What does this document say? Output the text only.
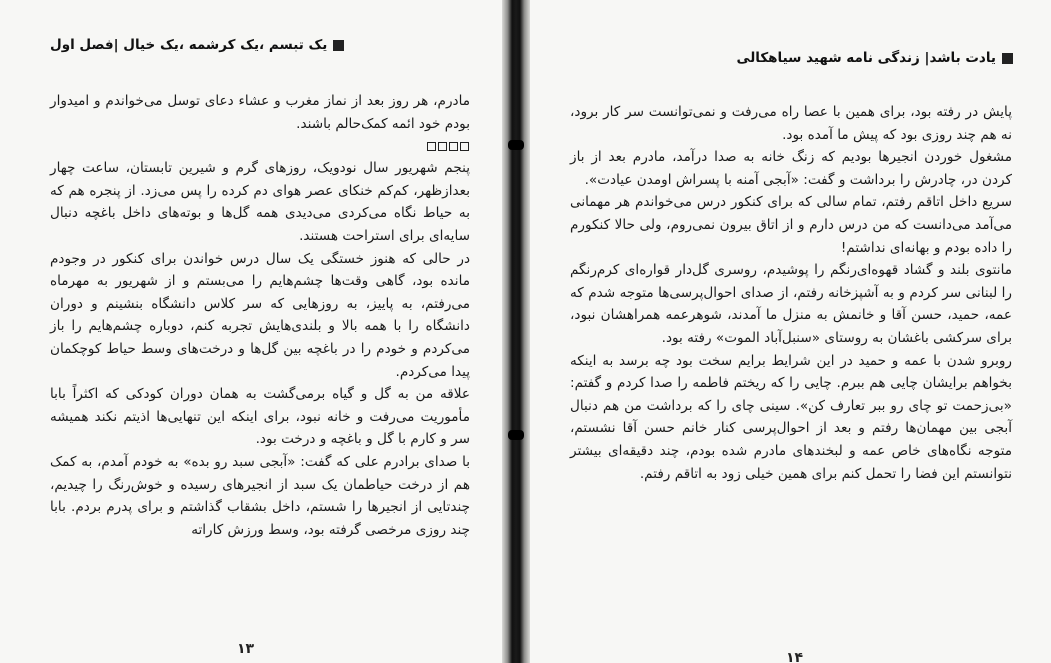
یک تبسم ،یک کرشمه ،یک خیال |فصل اول

مادرم، هر روز بعد از نماز مغرب و عشاء دعای توسل می‌خواندم و امیدوار بودم خود ائمه کمک‌حالم باشند.

پنجم شهریور سال نودویک، روزهای گرم و شیرین تابستان، ساعت چهار بعدازظهر، کم‌کم خنکای عصر هوای دم کرده را پس می‌زد. از پنجره هم که به حیاط نگاه می‌کردی می‌دیدی همه گل‌ها و بوته‌های داخل باغچه دنبال سایه‌ای برای استراحت هستند.

در حالی که هنوز خستگی یک سال درس خواندن برای کنکور در وجودم مانده بود، گاهی وقت‌ها چشم‌هایم را می‌بستم و از شهریور به مهرماه می‌رفتم، به پاییز، به روزهایی که سر کلاس دانشگاه بنشینم و دوران دانشگاه را با همه بالا و بلندی‌هایش تجربه کنم، دوباره چشم‌هایم را باز می‌کردم و خودم را در باغچه بین گل‌ها و درخت‌های وسط حیاط کوچکمان پیدا می‌کردم.

علاقه من به گل و گیاه برمی‌گشت به همان دوران کودکی که اکثراً بابا مأموریت می‌رفت و خانه نبود، برای اینکه این تنهایی‌ها اذیتم نکند همیشه سر و کارم با گل و باغچه و درخت بود.

با صدای برادرم علی که گفت: «آبجی سبد رو بده» به خودم آمدم، به کمک هم از درخت حیاطمان یک سبد از انجیرهای رسیده و خوش‌رنگ را چیدیم، چندتایی از انجیرها را شستم، داخل بشقاب گذاشتم و برای پدرم بردم. بابا چند روزی مرخصی گرفته بود، وسط ورزش کاراته

۱۳
یادت باشد| زندگی نامه شهید سیاهکالی

پایش در رفته بود، برای همین با عصا راه می‌رفت و نمی‌توانست سر کار برود، نه هم چند روزی بود که پیش ما آمده بود.

مشغول خوردن انجیرها بودیم که زنگ خانه به صدا درآمد، مادرم بعد از باز کردن در، چادرش را برداشت و گفت: «آبجی آمنه با پسراش اومدن عیادت».

سریع داخل اتاقم رفتم، تمام سالی که برای کنکور درس می‌خواندم هر مهمانی می‌آمد می‌دانست که من درس دارم و از اتاق بیرون نمی‌روم، ولی حالا کنکورم را داده بودم و بهانه‌ای نداشتم!

مانتوی بلند و گشاد قهوه‌ای‌رنگم را پوشیدم، روسری گل‌دار قواره‌ای کرم‌رنگم را لبنانی سر کردم و به آشپزخانه رفتم، از صدای احوال‌پرسی‌ها متوجه شدم که عمه، حمید، حسن آقا و خانمش به منزل ما آمدند، شوهرعمه همراهشان نبود، برای سرکشی باغشان به روستای «سنبل‌آباد الموت» رفته بود.

روبرو شدن با عمه و حمید در این شرایط برایم سخت بود چه برسد به اینکه بخواهم برایشان چایی هم ببرم. چایی را که ریختم فاطمه را صدا کردم و گفتم: «بی‌زحمت تو چای رو ببر تعارف کن». سینی چای را که برداشت من هم دنبال آبجی بین مهمان‌ها رفتم و بعد از احوال‌پرسی کنار خانم حسن آقا نشستم، متوجه نگاه‌های خاص عمه و لبخندهای مادرم شده بودم، چند دقیقه‌ای بیشتر نتوانستم این فضا را تحمل کنم برای همین خیلی زود به اتاقم رفتم.

۱۴
